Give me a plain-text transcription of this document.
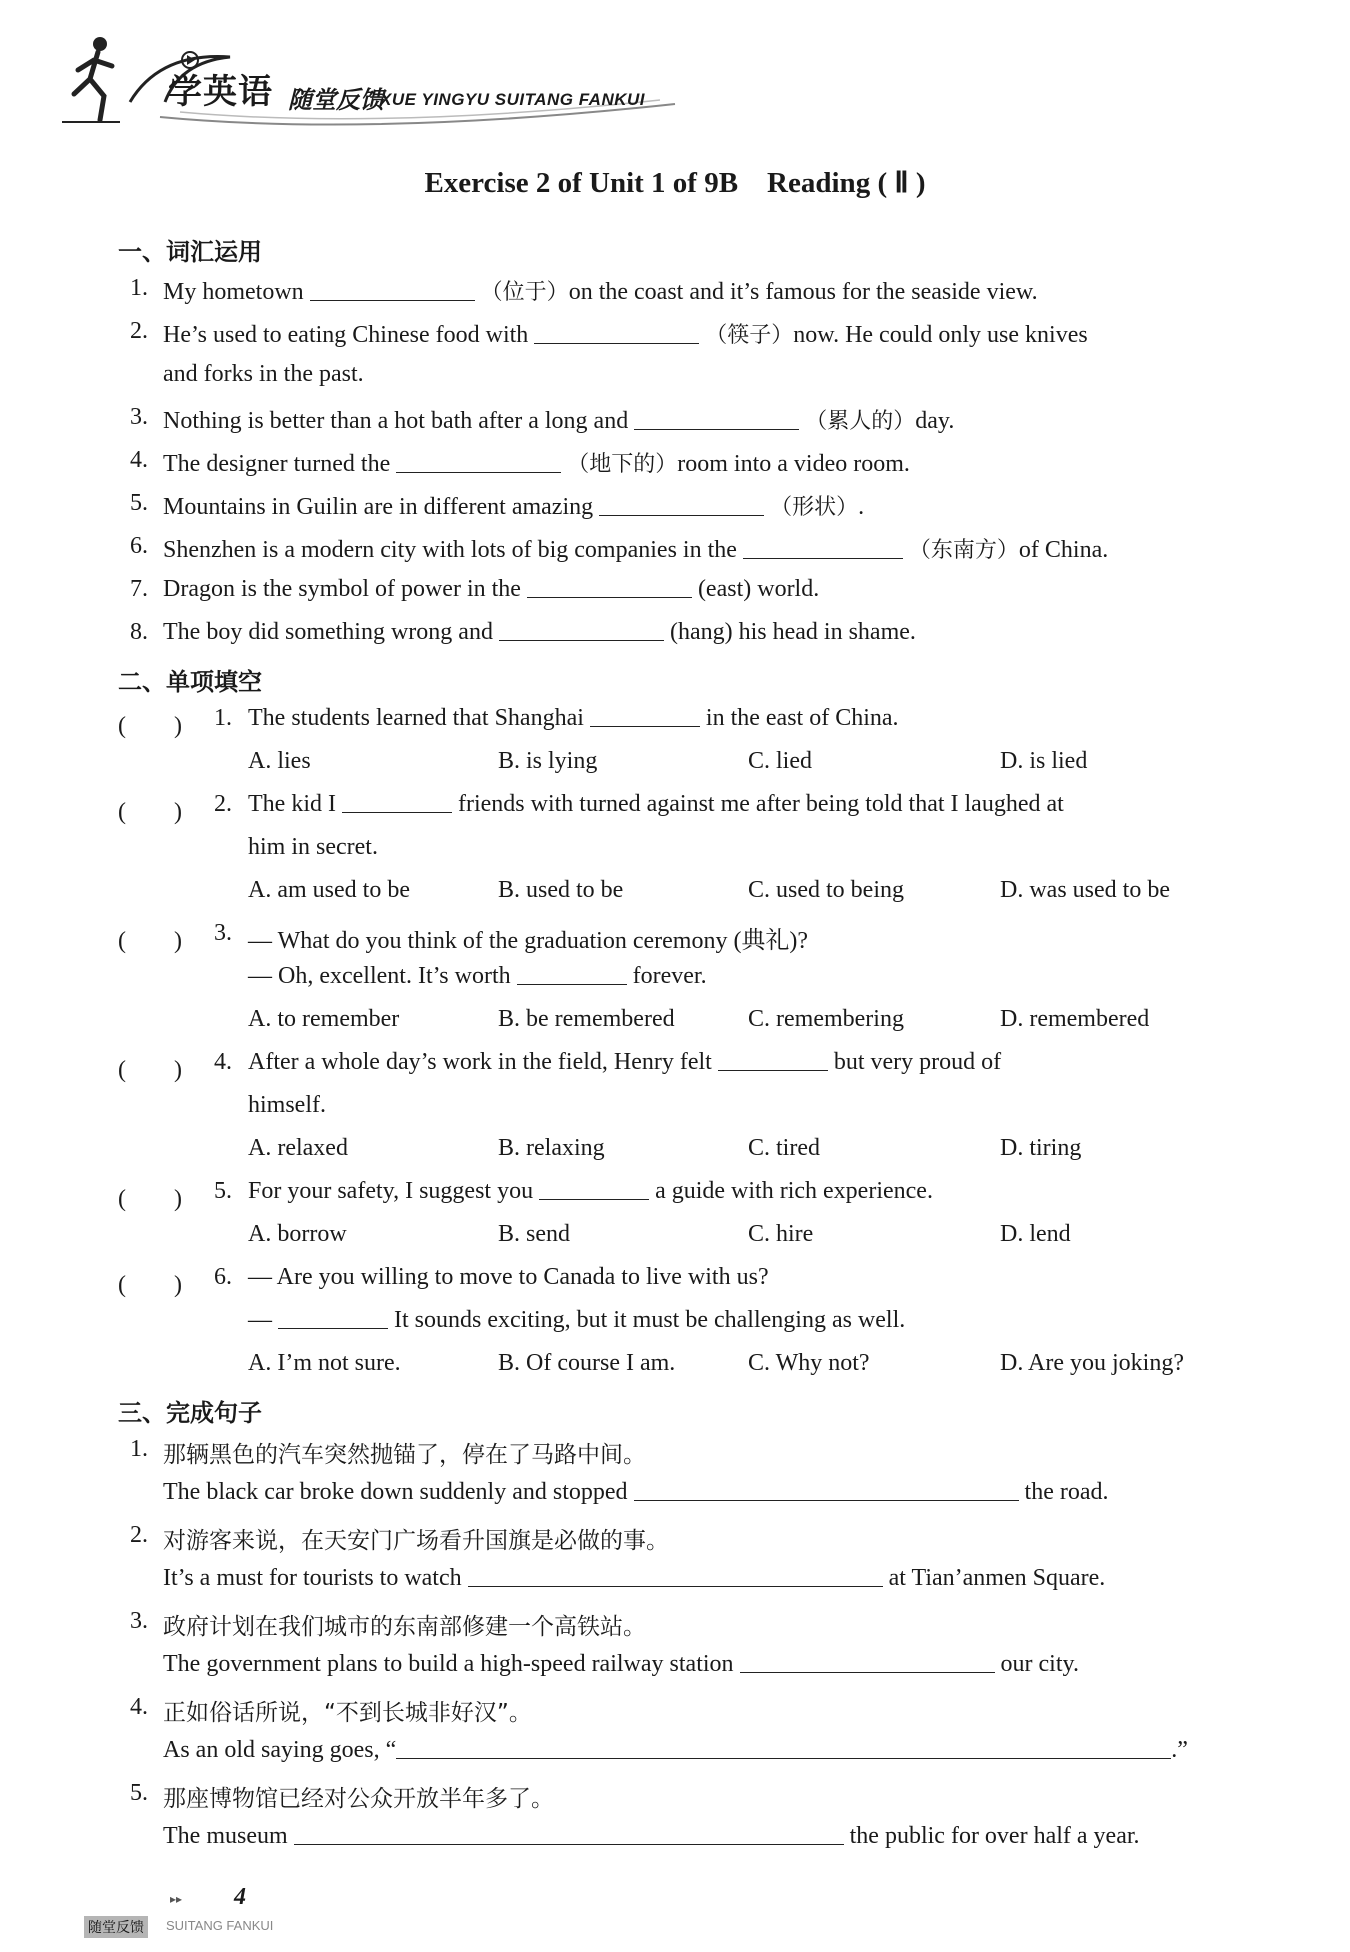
学英语 随堂反馈
XUE YINGYU SUITANG FANKUI
Exercise 2 of Unit 1 of 9B　Reading ( Ⅱ )
一、词汇运用
1. My hometown	（位于）on the coast and it’s famous for the seaside view.
2. He’s used to eating Chinese food with	（筷子）now. He could only use knives
and forks in the past.
3. Nothing is better than a hot bath after a long and	（累人的）day.
4. The designer turned the	（地下的）room into a video room.
5. Mountains in Guilin are in different amazing	（形状）.
6. Shenzhen is a modern city with lots of big companies in the	（东南方）of China.
7. Dragon is the symbol of power in the	(east) world.
8. The boy did something wrong and	(hang) his head in shame.
二、单项填空
(　　) 1. The students learned that Shanghai	in the east of China.
A. lies	B. is lying	C. lied	D. is lied
(　　) 2. The kid I	friends with turned against me after being told that I laughed at
him in secret.
A. am used to be	B. used to be	C. used to being	D. was used to be
(　　) 3. — What do you think of the graduation ceremony (典礼)?
— Oh, excellent. It’s worth	forever.
A. to remember	B. be remembered	C. remembering	D. remembered
(　　) 4. After a whole day’s work in the field, Henry felt	but very proud of
himself.
A. relaxed	B. relaxing	C. tired	D. tiring
(　　) 5. For your safety, I suggest you	a guide with rich experience.
A. borrow	B. send	C. hire	D. lend
(　　) 6. — Are you willing to move to Canada to live with us?
—	It sounds exciting, but it must be challenging as well.
A. I’m not sure.	B. Of course I am.	C. Why not?	D. Are you joking?
三、完成句子
1. 那辆黑色的汽车突然抛锚了，停在了马路中间。
The black car broke down suddenly and stopped	the road.
2. 对游客来说，在天安门广场看升国旗是必做的事。
It’s a must for tourists to watch	at Tian’anmen Square.
3. 政府计划在我们城市的东南部修建一个高铁站。
The government plans to build a high-speed railway station	our city.
4. 正如俗话所说，“不到长城非好汉”。
As an old saying goes, “	.”
5. 那座博物馆已经对公众开放半年多了。
The museum	the public for over half a year.
▸▸ 4
随堂反馈	SUITANG FANKUI
